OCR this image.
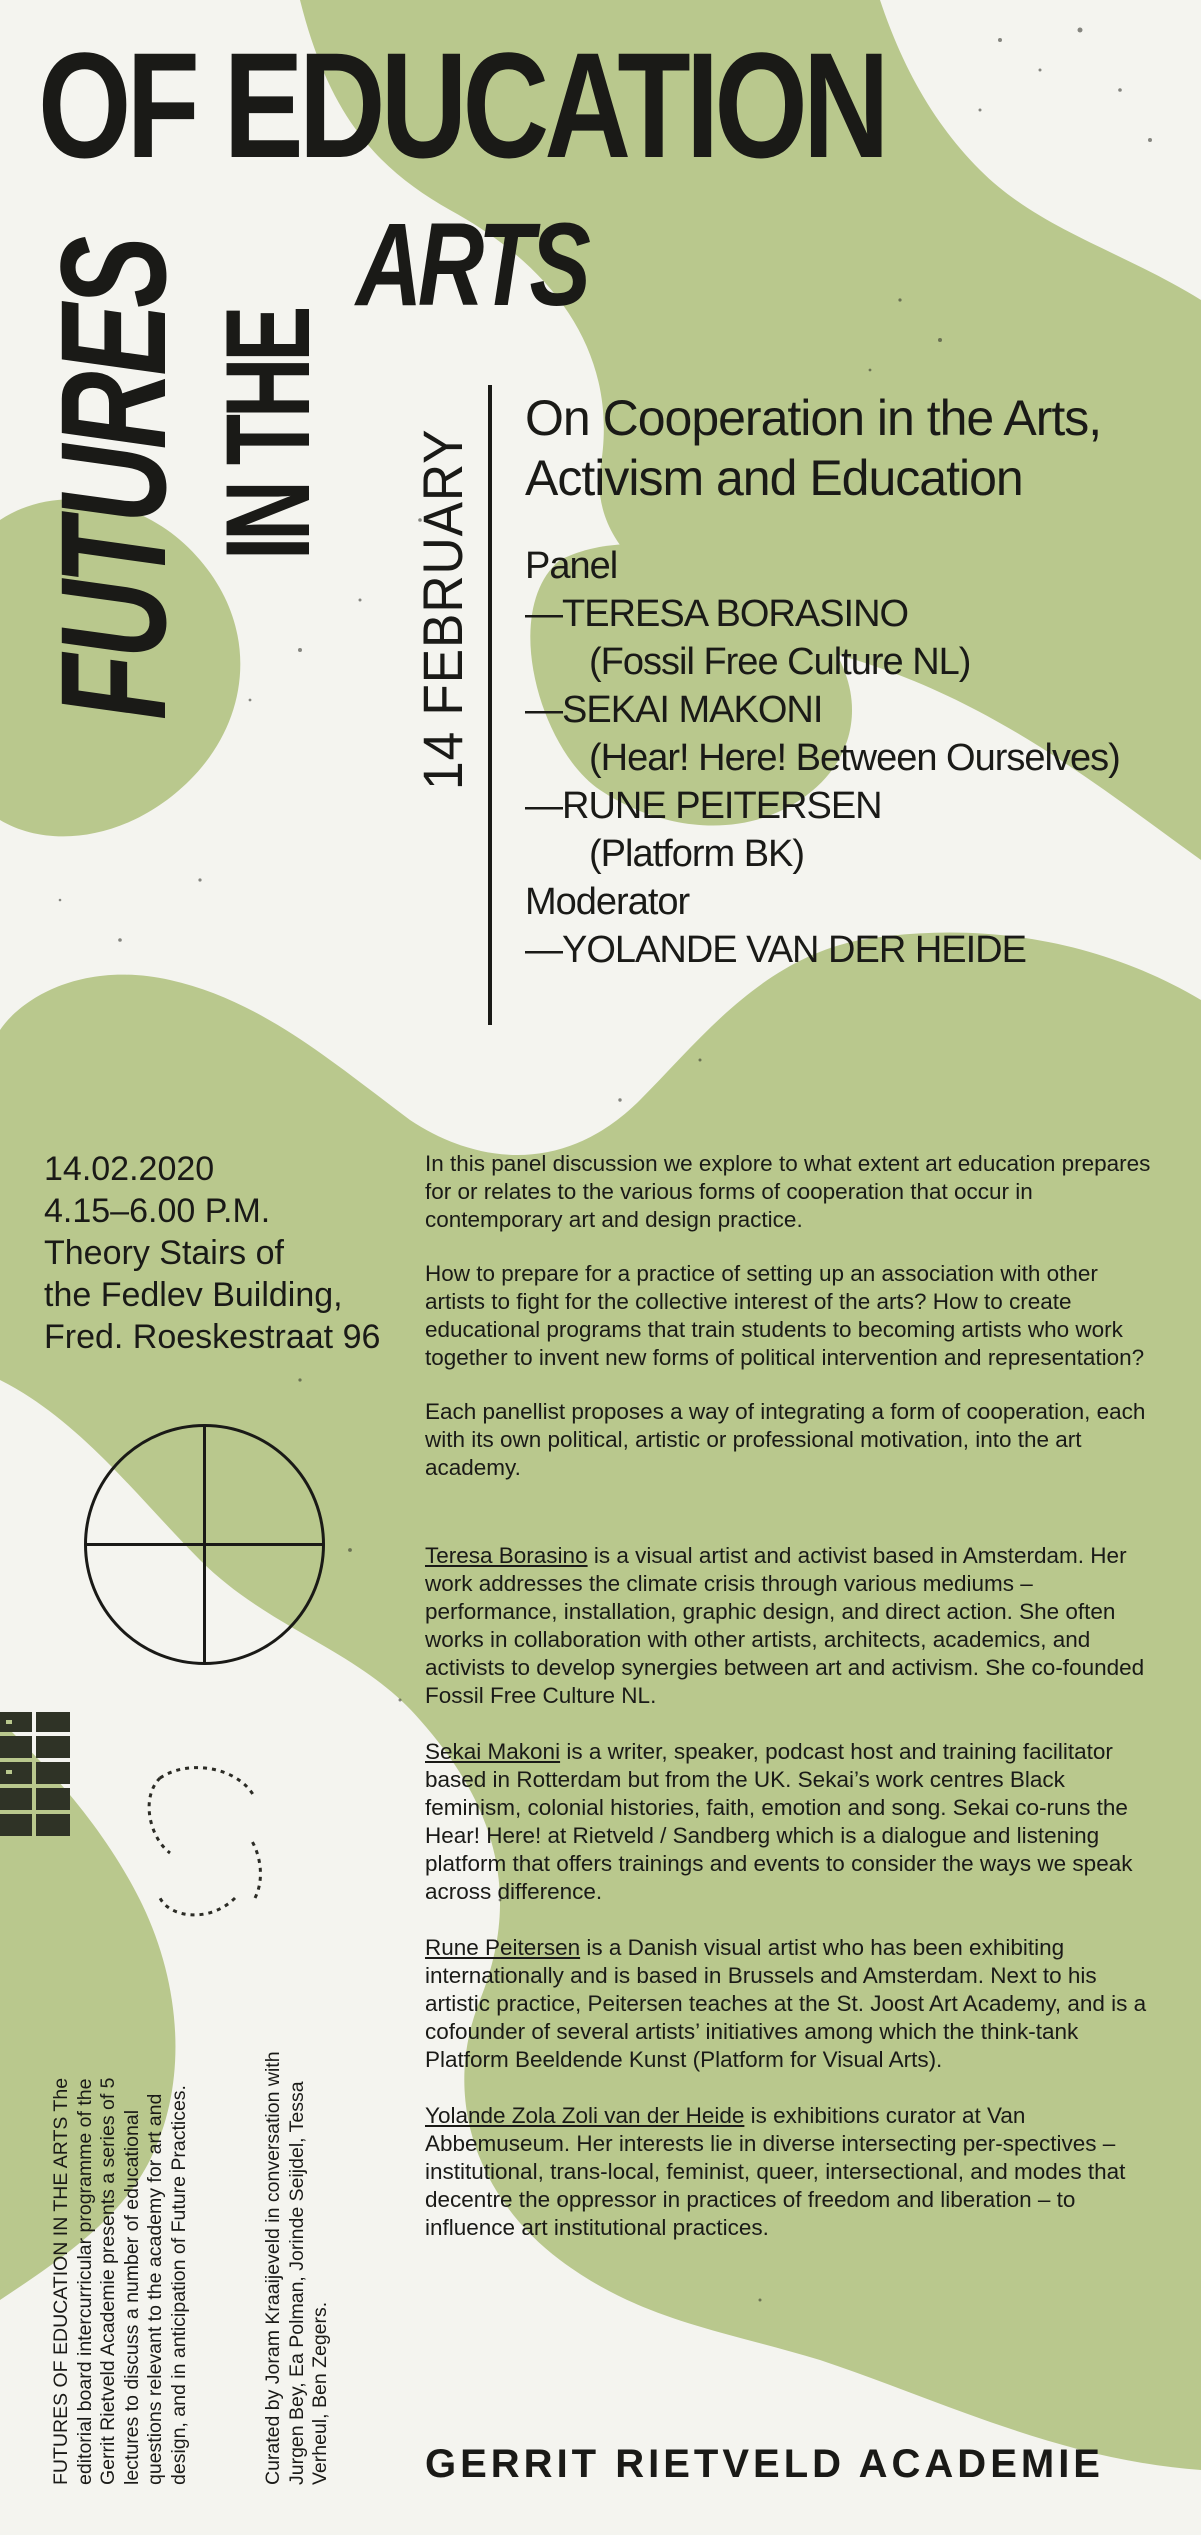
OF EDUCATION
FUTURES IN THE
ARTS
14 FEBRUARY
On Cooperation in the Arts, Activism and Education
Panel
—TERESA BORASINO
(Fossil Free Culture NL)
—SEKAI MAKONI
(Hear! Here! Between Ourselves)
—RUNE PEITERSEN
(Platform BK)
Moderator
—YOLANDE VAN DER HEIDE
14.02.2020
4.15–6.00 P.M.
Theory Stairs of
the Fedlev Building,
Fred. Roeskestraat 96

In this panel discussion we explore to what extent art education prepares for or relates to the various forms of cooperation that occur in contemporary art and design practice.

How to prepare for a practice of setting up an association with other artists to fight for the collective interest of the arts? How to create educational programs that train students to becoming artists who work together to invent new forms of political intervention and representation?

Each panellist proposes a way of integrating a form of cooperation, each with its own political, artistic or professional motivation, into the art academy.

Teresa Borasino is a visual artist and activist based in Amsterdam. Her work addresses the climate crisis through various mediums – performance, installation, graphic design, and direct action. She often works in collaboration with other artists, architects, academics, and activists to develop synergies between art and activism. She co-founded Fossil Free Culture NL.

Sekai Makoni is a writer, speaker, podcast host and training facilitator based in Rotterdam but from the UK. Sekai’s work centres Black feminism, colonial histories, faith, emotion and song. Sekai co-runs the Hear! Here! at Rietveld / Sandberg which is a dialogue and listening platform that offers trainings and events to consider the ways we speak across difference.

Rune Peitersen is a Danish visual artist who has been exhibiting internationally and is based in Brussels and Amsterdam. Next to his artistic practice, Peitersen teaches at the St. Joost Art Academy, and is a cofounder of several artists’ initiatives among which the think-tank Platform Beeldende Kunst (Platform for Visual Arts).

Yolande Zola Zoli van der Heide is exhibitions curator at Van Abbemuseum. Her interests lie in diverse intersecting per-spectives – institutional, trans-local, feminist, queer, intersectional, and modes that decentre the oppressor in practices of freedom and liberation – to influence art institutional practices.

FUTURES OF EDUCATION IN THE ARTS The editorial board intercurricular programme of the Gerrit Rietveld Academie presents a series of 5 lectures to discuss a number of educational questions relevant to the academy for art and design, and in anticipation of Future Practices.	Curated by Joram Kraaijeveld in conversation with Jurgen Bey, Ea Polman, Jorinde Seijdel, Tessa Verheul, Ben Zegers. GERRIT RIETVELD ACADEMIE
